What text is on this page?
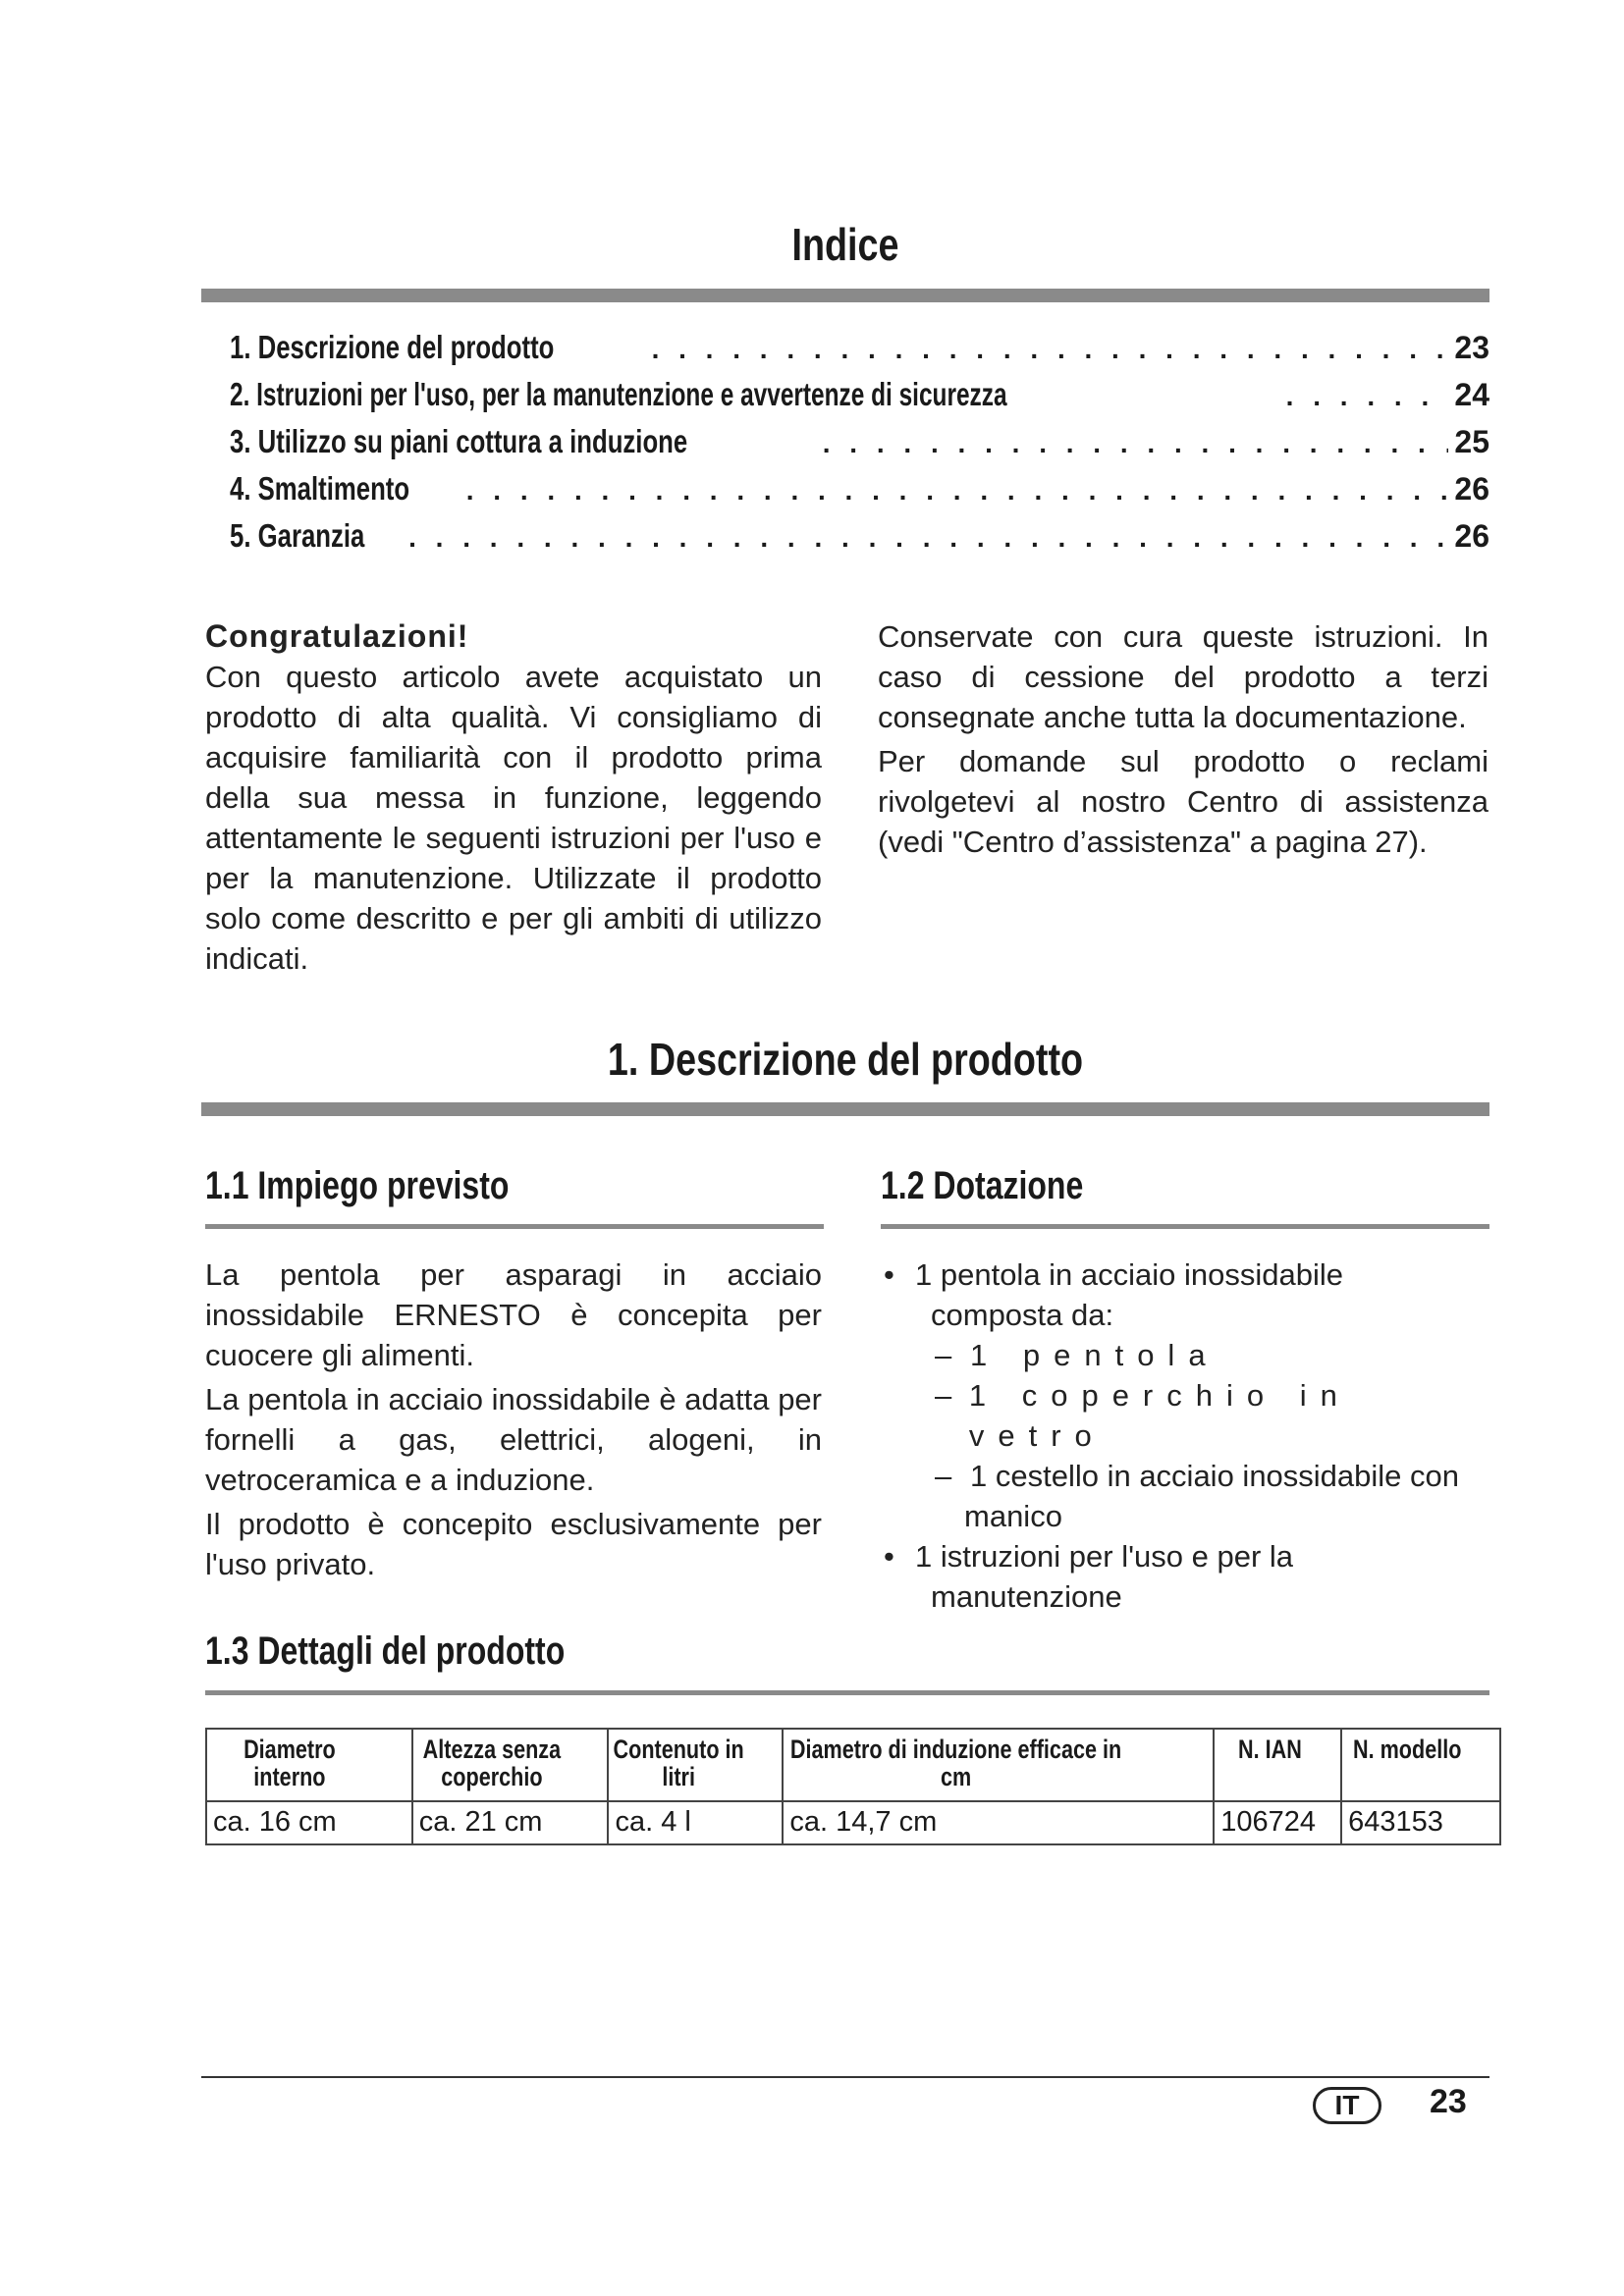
Indice
1. Descrizione del prodotto . . .	23
2. Istruzioni per l'uso, per la manutenzione e avvertenze di sicurezza . . .	24
3. Utilizzo su piani cottura a induzione . . .	25
4. Smaltimento . . .	26
5. Garanzia . . .	26
Congratulazioni!

Con questo articolo avete acquistato un prodotto di alta qualità. Vi consigliamo di acquisire familiarità con il prodotto prima della sua messa in funzione, leggendo attentamente le seguenti istruzioni per l'uso e per la manutenzione. Utilizzate il prodotto solo come descritto e per gli ambiti di utilizzo indicati.

Conservate con cura queste istruzioni. In caso di cessione del prodotto a terzi consegnate anche tutta la documentazione.

Per domande sul prodotto o reclami rivolgetevi al nostro Centro di assistenza (vedi "Centro d’assistenza" a pagina 27).

1. Descrizione del prodotto
1.1 Impiego previsto

La pentola per asparagi in acciaio inossidabile ERNESTO è concepita per cuocere gli alimenti.

La pentola in acciaio inossidabile è adatta per fornelli a gas, elettrici, alogeni, in vetroceramica e a induzione.

Il prodotto è concepito esclusivamente per l'uso privato.

1.2 Dotazione
• 1 pentola in acciaio inossidabile
composta da:
– 1 pentola
– 1 coperchio in vetro
– 1 cestello in acciaio inossidabile con
manico
• 1 istruzioni per l'uso e per la
manutenzione
1.3 Dettagli del prodotto
Diametro interno	Altezza senza coperchio	Contenuto in litri	Diametro di induzione efficace in cm	N. IAN	N. modello
ca. 16 cm	ca. 21 cm	ca. 4 l	ca. 14,7 cm	106724	643153
IT	23
